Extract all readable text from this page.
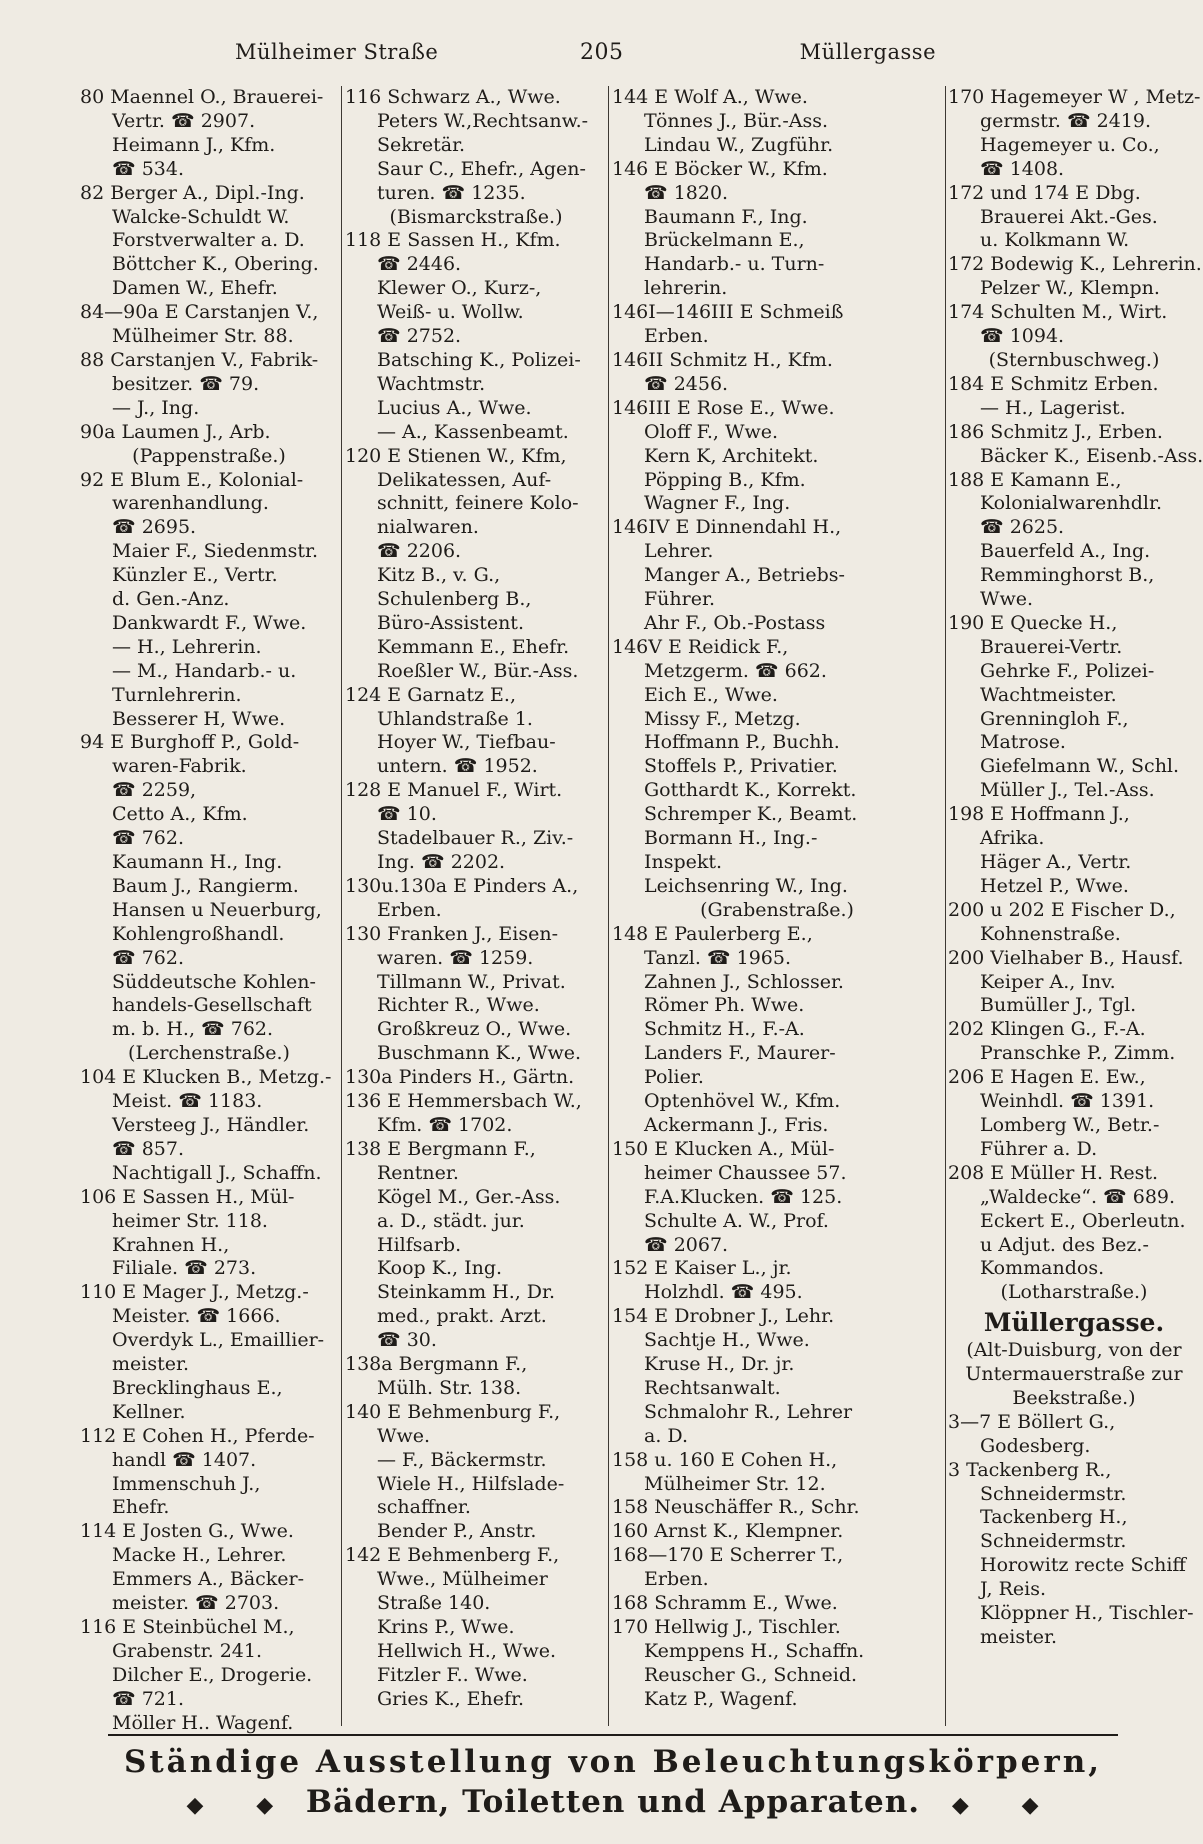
Mülheimer Straße	205	Müllergasse
80 Maennel O., Brauerei-
Vertr. ☎ 2907.
Heimann J., Kfm.
☎ 534.
82 Berger A., Dipl.-Ing.
Walcke-Schuldt W.
Forstverwalter a. D.
Böttcher K., Obering.
Damen W., Ehefr.
84—90a E Carstanjen V.,
Mülheimer Str. 88.
88 Carstanjen V., Fabrik-
besitzer. ☎ 79.
— J., Ing.
90a Laumen J., Arb.
(Pappenstraße.)
92 E Blum E., Kolonial-
warenhandlung.
☎ 2695.
Maier F., Siedenmstr.
Künzler E., Vertr.
d. Gen.-Anz.
Dankwardt F., Wwe.
— H., Lehrerin.
— M., Handarb.- u.
Turnlehrerin.
Besserer H, Wwe.
94 E Burghoff P., Gold-
waren-Fabrik.
☎ 2259,
Cetto A., Kfm.
☎ 762.
Kaumann H., Ing.
Baum J., Rangierm.
Hansen u Neuerburg,
Kohlengroßhandl.
☎ 762.
Süddeutsche Kohlen-
handels-Gesellschaft
m. b. H., ☎ 762.
(Lerchenstraße.)
104 E Klucken B., Metzg.-
Meist. ☎ 1183.
Versteeg J., Händler.
☎ 857.
Nachtigall J., Schaffn.
106 E Sassen H., Mül-
heimer Str. 118.
Krahnen H.,
Filiale. ☎ 273.
110 E Mager J., Metzg.-
Meister. ☎ 1666.
Overdyk L., Emaillier-
meister.
Brecklinghaus E.,
Kellner.
112 E Cohen H., Pferde-
handl ☎ 1407.
Immenschuh J.,
Ehefr.
114 E Josten G., Wwe.
Macke H., Lehrer.
Emmers A., Bäcker-
meister. ☎ 2703.
116 E Steinbüchel M.,
Grabenstr. 241.
Dilcher E., Drogerie.
☎ 721.
Möller H.. Wagenf.
116 Schwarz A., Wwe.
Peters W.,Rechtsanw.-
Sekretär.
Saur C., Ehefr., Agen-
turen. ☎ 1235.
(Bismarckstraße.)
118 E Sassen H., Kfm.
☎ 2446.
Klewer O., Kurz-,
Weiß- u. Wollw.
☎ 2752.
Batsching K., Polizei-
Wachtmstr.
Lucius A., Wwe.
— A., Kassenbeamt.
120 E Stienen W., Kfm,
Delikatessen, Auf-
schnitt, feinere Kolo-
nialwaren.
☎ 2206.
Kitz B., v. G.,
Schulenberg B.,
Büro-Assistent.
Kemmann E., Ehefr.
Roeßler W., Bür.-Ass.
124 E Garnatz E.,
Uhlandstraße 1.
Hoyer W., Tiefbau-
untern. ☎ 1952.
128 E Manuel F., Wirt.
☎ 10.
Stadelbauer R., Ziv.-
Ing. ☎ 2202.
130u.130a E Pinders A.,
Erben.
130 Franken J., Eisen-
waren. ☎ 1259.
Tillmann W., Privat.
Richter R., Wwe.
Großkreuz O., Wwe.
Buschmann K., Wwe.
130a Pinders H., Gärtn.
136 E Hemmersbach W.,
Kfm. ☎ 1702.
138 E Bergmann F.,
Rentner.
Kögel M., Ger.-Ass.
a. D., städt. jur.
Hilfsarb.
Koop K., Ing.
Steinkamm H., Dr.
med., prakt. Arzt.
☎ 30.
138a Bergmann F.,
Mülh. Str. 138.
140 E Behmenburg F.,
Wwe.
— F., Bäckermstr.
Wiele H., Hilfslade-
schaffner.
Bender P., Anstr.
142 E Behmenberg F.,
Wwe., Mülheimer
Straße 140.
Krins P., Wwe.
Hellwich H., Wwe.
Fitzler F.. Wwe.
Gries K., Ehefr.
144 E Wolf A., Wwe.
Tönnes J., Bür.-Ass.
Lindau W., Zugführ.
146 E Böcker W., Kfm.
☎ 1820.
Baumann F., Ing.
Brückelmann E.,
Handarb.- u. Turn-
lehrerin.
146I—146III E Schmeiß
Erben.
146II Schmitz H., Kfm.
☎ 2456.
146III E Rose E., Wwe.
Oloff F., Wwe.
Kern K, Architekt.
Pöpping B., Kfm.
Wagner F., Ing.
146IV E Dinnendahl H.,
Lehrer.
Manger A., Betriebs-
Führer.
Ahr F., Ob.-Postass
146V E Reidick F.,
Metzgerm. ☎ 662.
Eich E., Wwe.
Missy F., Metzg.
Hoffmann P., Buchh.
Stoffels P., Privatier.
Gotthardt K., Korrekt.
Schremper K., Beamt.
Bormann H., Ing.-
Inspekt.
Leichsenring W., Ing.
(Grabenstraße.)
148 E Paulerberg E.,
Tanzl. ☎ 1965.
Zahnen J., Schlosser.
Römer Ph. Wwe.
Schmitz H., F.-A.
Landers F., Maurer-
Polier.
Optenhövel W., Kfm.
Ackermann J., Fris.
150 E Klucken A., Mül-
heimer Chaussee 57.
F.A.Klucken. ☎ 125.
Schulte A. W., Prof.
☎ 2067.
152 E Kaiser L., jr.
Holzhdl. ☎ 495.
154 E Drobner J., Lehr.
Sachtje H., Wwe.
Kruse H., Dr. jr.
Rechtsanwalt.
Schmalohr R., Lehrer
a. D.
158 u. 160 E Cohen H.,
Mülheimer Str. 12.
158 Neuschäffer R., Schr.
160 Arnst K., Klempner.
168—170 E Scherrer T.,
Erben.
168 Schramm E., Wwe.
170 Hellwig J., Tischler.
Kemppens H., Schaffn.
Reuscher G., Schneid.
Katz P., Wagenf.
170 Hagemeyer W , Metz-
germstr. ☎ 2419.
Hagemeyer u. Co.,
☎ 1408.
172 und 174 E Dbg.
Brauerei Akt.-Ges.
u. Kolkmann W.
172 Bodewig K., Lehrerin.
Pelzer W., Klempn.
174 Schulten M., Wirt.
☎ 1094.
(Sternbuschweg.)
184 E Schmitz Erben.
— H., Lagerist.
186 Schmitz J., Erben.
Bäcker K., Eisenb.-Ass.
188 E Kamann E.,
Kolonialwarenhdlr.
☎ 2625.
Bauerfeld A., Ing.
Remminghorst B.,
Wwe.
190 E Quecke H.,
Brauerei-Vertr.
Gehrke F., Polizei-
Wachtmeister.
Grenningloh F.,
Matrose.
Giefelmann W., Schl.
Müller J., Tel.-Ass.
198 E Hoffmann J.,
Afrika.
Häger A., Vertr.
Hetzel P., Wwe.
200 u 202 E Fischer D.,
Kohnenstraße.
200 Vielhaber B., Hausf.
Keiper A., Inv.
Bumüller J., Tgl.
202 Klingen G., F.-A.
Pranschke P., Zimm.
206 E Hagen E. Ew.,
Weinhdl. ☎ 1391.
Lomberg W., Betr.-
Führer a. D.
208 E Müller H. Rest.
„Waldecke“. ☎ 689.
Eckert E., Oberleutn.
u Adjut. des Bez.-
Kommandos.
(Lotharstraße.)
Müllergasse.
(Alt-Duisburg, von der
Untermauerstraße zur
Beekstraße.)
3—7 E Böllert G.,
Godesberg.
3 Tackenberg R.,
Schneidermstr.
Tackenberg H.,
Schneidermstr.
Horowitz recte Schiff
J, Reis.
Klöppner H., Tischler-
meister.
Ständige Ausstellung von Beleuchtungskörpern,
◆ ◆ Bädern, Toiletten und Apparaten. ◆ ◆
